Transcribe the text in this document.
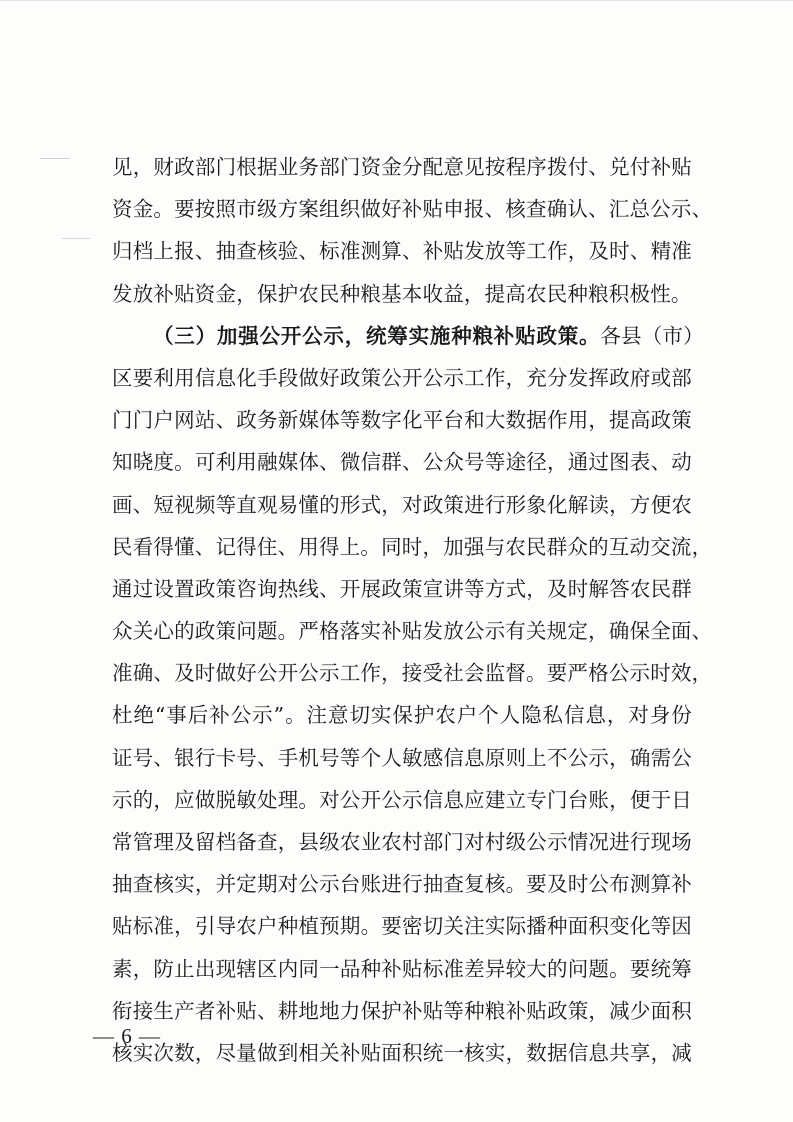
见，财政部门根据业务部门资金分配意见按程序拨付、兑付补贴
资金。要按照市级方案组织做好补贴申报、核查确认、汇总公示、
归档上报、抽查核验、标准测算、补贴发放等工作，及时、精准
发放补贴资金，保护农民种粮基本收益，提高农民种粮积极性。
（三）加强公开公示，统筹实施种粮补贴政策。各县（市）
区要利用信息化手段做好政策公开公示工作，充分发挥政府或部
门门户网站、政务新媒体等数字化平台和大数据作用，提高政策
知晓度。可利用融媒体、微信群、公众号等途径，通过图表、动
画、短视频等直观易懂的形式，对政策进行形象化解读，方便农
民看得懂、记得住、用得上。同时，加强与农民群众的互动交流，
通过设置政策咨询热线、开展政策宣讲等方式，及时解答农民群
众关心的政策问题。严格落实补贴发放公示有关规定，确保全面、
准确、及时做好公开公示工作，接受社会监督。要严格公示时效，
杜绝“事后补公示”。注意切实保护农户个人隐私信息，对身份
证号、银行卡号、手机号等个人敏感信息原则上不公示，确需公
示的，应做脱敏处理。对公开公示信息应建立专门台账，便于日
常管理及留档备查，县级农业农村部门对村级公示情况进行现场
抽查核实，并定期对公示台账进行抽查复核。要及时公布测算补
贴标准，引导农户种植预期。要密切关注实际播种面积变化等因
素，防止出现辖区内同一品种补贴标准差异较大的问题。要统筹
衔接生产者补贴、耕地地力保护补贴等种粮补贴政策，减少面积
核实次数，尽量做到相关补贴面积统一核实，数据信息共享，减
— 6 —
